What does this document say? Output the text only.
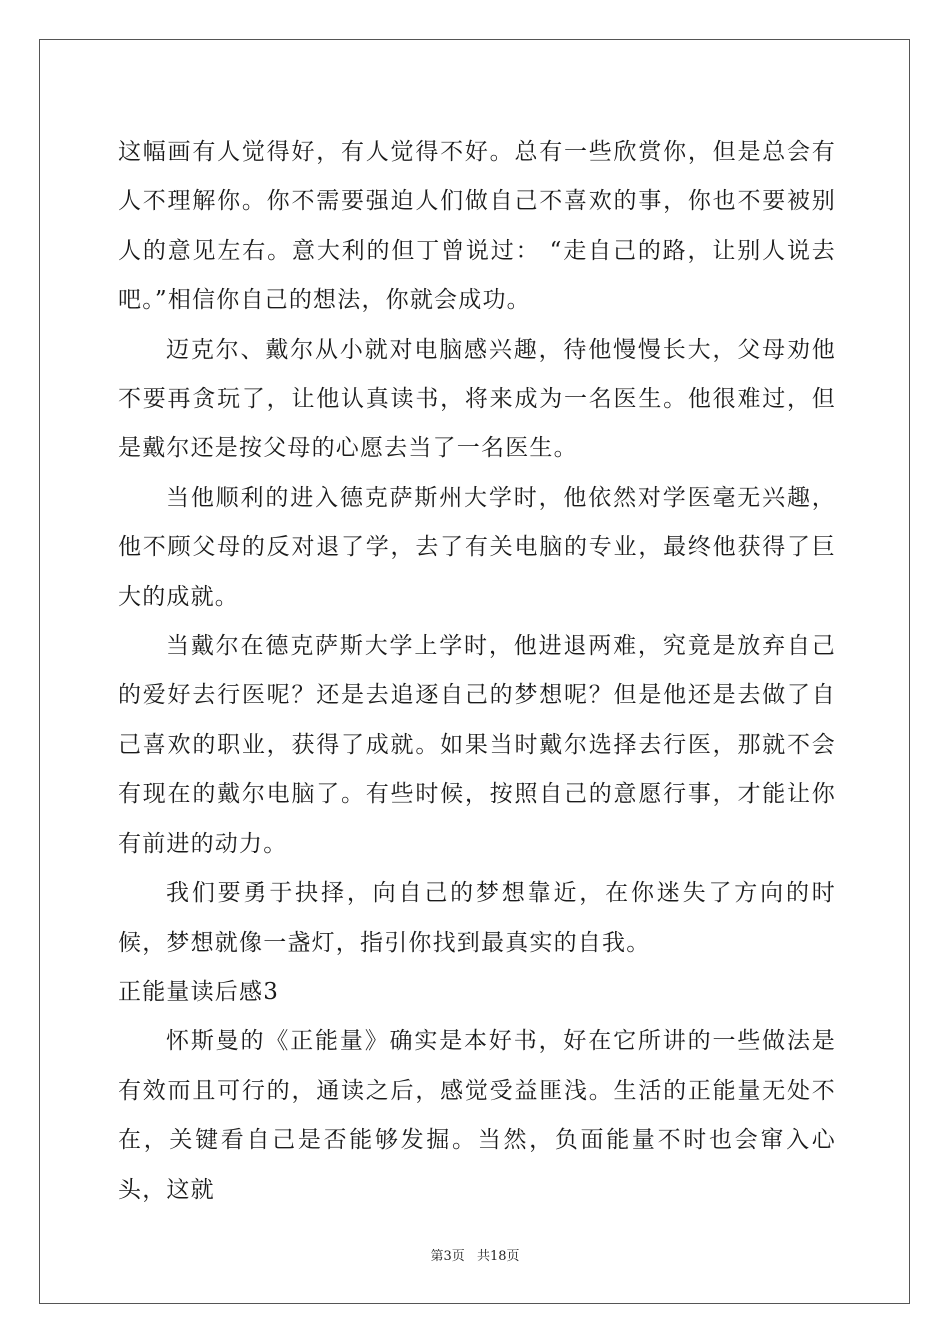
这幅画有人觉得好，有人觉得不好。总有一些欣赏你，但是总会有人不理解你。你不需要强迫人们做自己不喜欢的事，你也不要被别人的意见左右。意大利的但丁曾说过： “走自己的路，让别人说去吧。”相信你自己的想法，你就会成功。

迈克尔、戴尔从小就对电脑感兴趣，待他慢慢长大，父母劝他不要再贪玩了，让他认真读书，将来成为一名医生。他很难过，但是戴尔还是按父母的心愿去当了一名医生。

当他顺利的进入德克萨斯州大学时，他依然对学医毫无兴趣，他不顾父母的反对退了学，去了有关电脑的专业，最终他获得了巨大的成就。

当戴尔在德克萨斯大学上学时，他进退两难，究竟是放弃自己的爱好去行医呢？还是去追逐自己的梦想呢？但是他还是去做了自己喜欢的职业，获得了成就。如果当时戴尔选择去行医，那就不会有现在的戴尔电脑了。有些时候，按照自己的意愿行事，才能让你有前进的动力。

我们要勇于抉择，向自己的梦想靠近，在你迷失了方向的时候，梦想就像一盏灯，指引你找到最真实的自我。

正能量读后感3

怀斯曼的《正能量》确实是本好书，好在它所讲的一些做法是有效而且可行的，通读之后，感觉受益匪浅。生活的正能量无处不在，关键看自己是否能够发掘。当然，负面能量不时也会窜入心头，这就

第3页 共18页
